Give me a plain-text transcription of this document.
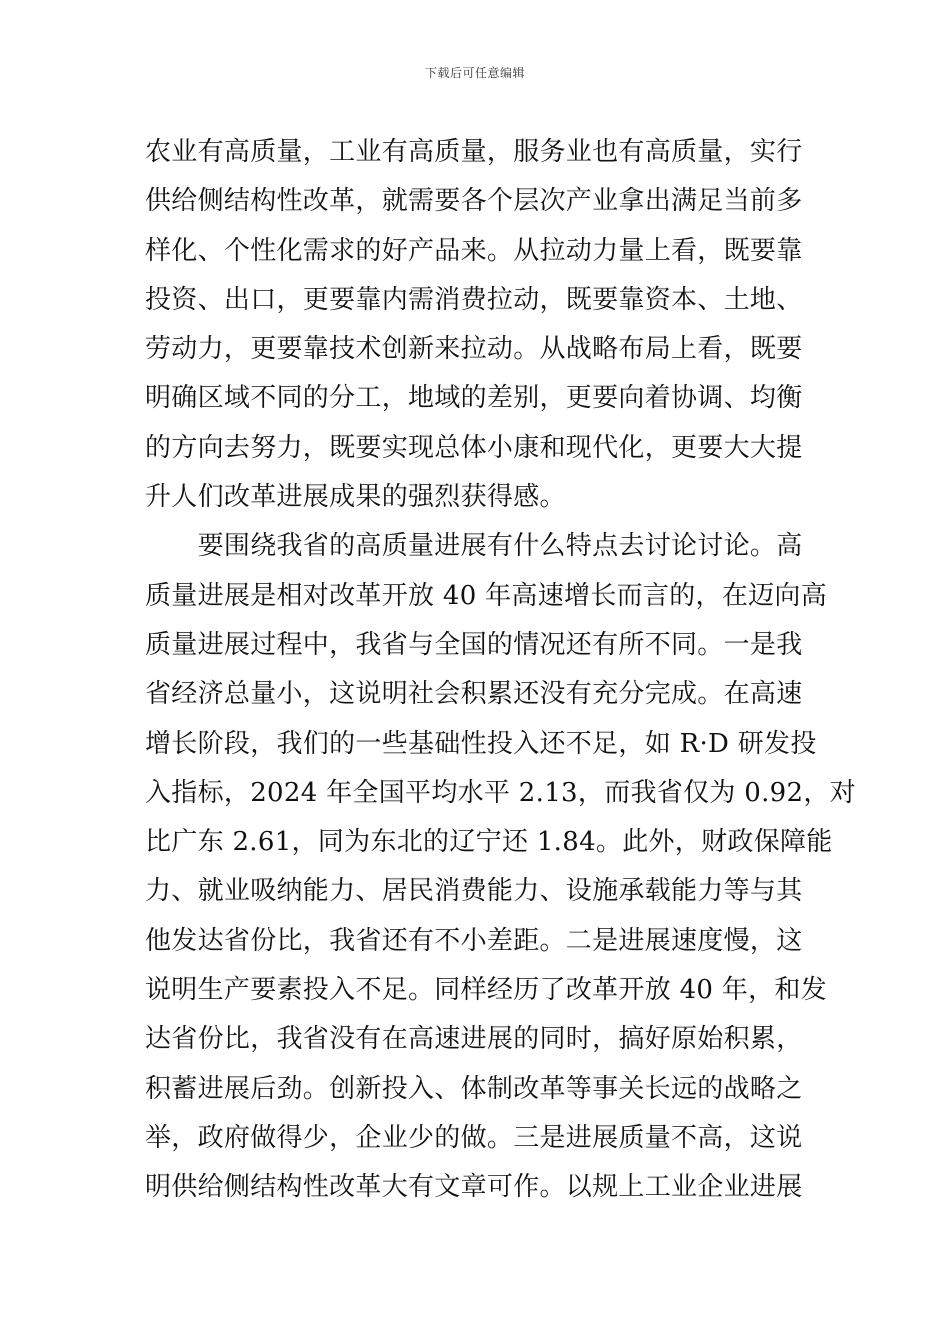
下载后可任意编辑
农业有高质量，工业有高质量，服务业也有高质量，实行
供给侧结构性改革，就需要各个层次产业拿出满足当前多
样化、个性化需求的好产品来。从拉动力量上看，既要靠
投资、出口，更要靠内需消费拉动，既要靠资本、土地、
劳动力，更要靠技术创新来拉动。从战略布局上看，既要
明确区域不同的分工，地域的差别，更要向着协调、均衡
的方向去努力，既要实现总体小康和现代化，更要大大提
升人们改革进展成果的强烈获得感。
　　要围绕我省的高质量进展有什么特点去讨论讨论。高
质量进展是相对改革开放 40 年高速增长而言的，在迈向高
质量进展过程中，我省与全国的情况还有所不同。一是我
省经济总量小，这说明社会积累还没有充分完成。在高速
增长阶段，我们的一些基础性投入还不足，如 R·D 研发投
入指标，2024 年全国平均水平 2.13，而我省仅为 0.92，对
比广东 2.61，同为东北的辽宁还 1.84。此外，财政保障能
力、就业吸纳能力、居民消费能力、设施承载能力等与其
他发达省份比，我省还有不小差距。二是进展速度慢，这
说明生产要素投入不足。同样经历了改革开放 40 年，和发
达省份比，我省没有在高速进展的同时，搞好原始积累，
积蓄进展后劲。创新投入、体制改革等事关长远的战略之
举，政府做得少，企业少的做。三是进展质量不高，这说
明供给侧结构性改革大有文章可作。以规上工业企业进展
